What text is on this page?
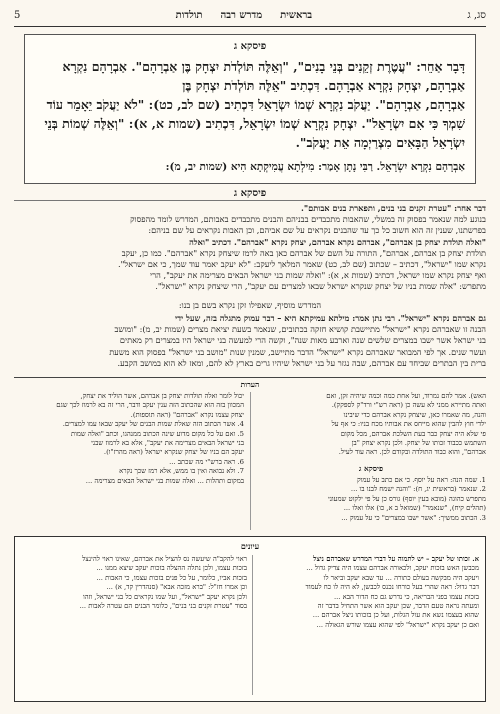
סג, ג
בראשית
מדרש רבה
תולדות
5
פיסקא ג
דָּבָר אַחֵר: "עֲטֶרֶת זְקֵנִים בְּנֵי בָנִים", "וְאֵלֶּה תּוֹלְדֹת יִצְחָק בֶּן אַבְרָהָם". אַבְרָהָם נִקְרָא
אַבְרָהָם, יִצְחָק נִקְרָא אַבְרָהָם. דִּכְתִיב "אֵלֶּה תּוֹלְדֹת יִצְחָק בֶּן
אַבְרָהָם, אַבְרָהָם". יַעֲקֹב נִקְרָא שְׁמוֹ יִשְׂרָאֵל דִּכְתִיב (שם לב, כט): "לֹא יַעֲקֹב יֵאָמֵר עוֹד
שִׁמְךָ כִּי אִם יִשְׂרָאֵל". יִצְחָק נִקְרָא שְׁמוֹ יִשְׂרָאֵל, דִּכְתִיב (שמות א, א): "וְאֵלֶּה שְׁמוֹת בְּנֵי
יִשְׂרָאֵל הַבָּאִים מִצְרַיְמָה אֵת יַעֲקֹב".
אַבְרָהָם נִקְרָא יִשְׂרָאֵל. רַבִּי נָתָן אָמַר: מִילְתָא עֲמִיקְתָא הִיא (שמות יב, מ):
פיסקא ג
דבר אחר: "עטרת זקנים בני בנים, ותפארת בנים אבותם".
בנוגע למה שנאמר בפסוק זה במשלי, שהאבות מתכבדים בבניהם והבנים מתכבדים באבותם, המדרש לומד מהפסוק
בפרשתנו, שענין זה הוא חשוב כל כך עד שהבנים נקראים על שם אביהם, וכן האבות נקראים על שם בניהם:
"ואלה תולדת יצחק בן אברהם", אברהם נקרא אברהם, יצחק נקרא "אברהם". דכתיב "ואלה
תולדת יצחק בן אברהם, אברהם", התורה על השם של אברהם כאן באה לרמז שיצחק נקרא "אברהם". כמו כן, יעקב
נקרא שמו "ישראל", דכתיב – שכתוב (שם לב, כט) שאמר המלאך ליעקב: "לא יעקב יאמר עוד שמך, כי אם ישראל".
ואף יצחק נקרא שמו ישראל, דכתיב (שמות א, א): "ואלה שמות בני ישראל הבאים מצרימה את יעקב", הרי
מתפרש: "אלה שמות בניו של יצחק שנקרא ישראל שבאו למצרים עם יעקב", הרי שיצחק נקרא "ישראל".
המדרש מוסיף, שאפילו זקן נקרא בשם בן בנו:
גם אברהם נקרא "ישראל". רבי נתן אמר: מילתא עמיקתא היא – דבר עמוק מתגלה בזה, שעל ידי
הבנה זו שאברהם נקרא "ישראל" מתיישבת קושיא חזקה בכתובים, שנאמר בשעת יציאת מצרים (שמות יב, מ): "ומושב
בני ישראל אשר ישבו במצרים שלשים שנה וארבע מאות שנה", וקשה הרי למעשה בני ישראל היו במצרים רק מאתים
ועשר שנים. אך לפי המבואר שאברהם נקרא "ישראל" הדבר מתיישב, שמנין שנות "מושב בני ישראל" בפסוק הוא משעת
ברית בין הבתרים שביחד עם אברהם, שבה נגזר על בני ישראל שיהיו גרים בארץ לא להם, ומאז לא הוא במושב הקבע.
הערות
האש). אמר להם נמרוד, ועל אחת כמה וכמה שיהיה זקן, ואם
ואתה מתיירא ממני לא עשה כן (ראה רש"י ורד"ק לספקק).
והנה, מה שאמרו כאן, שיצחק נקרא אברהם כדי שיבינו
ילדי חוץ להבין שהוא מייחס את אבותיו מכח בניו: כי אף על
פי שלא היה יצחק כבר בעת השלכת אברהם, מכל מקום
השתמש ככבוד זכותו של יצחק. ולכן נקרא יצחק "בן
אברהם", והוא כבוד התולדה ובקודם לכן. ראה עוד לעיל.
פיסקא ג
1. שמה הנה: ראה על יוסף. כי אם כתב על עמוק
2. שנאמר (בראשית יג, ח): "והנה ישמח לבנו בו ...
מתפרש כהוגה (מובא בעין יוסף) גורס כן על פי ילקוט שמעוני
(תהלים קיח), "שנאמר" (שמואל ב א, כו) אלו ואלו ...
3. הכתוב ממשיך: "אשר ישבו במצרים" כי על עמוק ...
יכול לומר ואלה תולדות יצחק בן אברהם, אשר הוליד את יצחק,
המכוון בזה הוא שהכתוב הזה ענין יעקב ודבר, הרי זה בא לרמוז לכך שגם
יצחק עצמו נקרא "אברהם" (ראה תוספות).
4. אשר הכתוב הזה שאלת שמות הבנים של יעקב שבאו עמו למצרים.
5. ואם על כל מקום מדוע שינה הכתוב ממנהגו, וכתב "ואלה שמות
בני ישראל הבאים מצרימה את יעקב", אלא בא לרמוז שבני
יעקב הם בניו של יצחק שנקרא ישראל (ראה מהרז"ו).
6. ראה ברש"י מה שכתב ...
7. ולא נבואה ואין בו ממש, אלא רמז שכך נקרא
במקום ותהלות ... ואלה שמות בני ישראל הבאים מצרימה ...
עיונים
א. זכותו של יעקב – יש לתמוה על דברי המדרש שאברהם ניצל
מכבשן האש בזכות יעקב, ולכאורה אברהם עצמו היה צדיק גדול ...
ויעקב היה מבקשה בעולם כתורה ... עד שבא יעקב וביאר לו
דבר גדול: ראה שהרי בעל כורחו נכנס לכבשן, לא היה לו כח לעמוד
בזכות עצמו בפני הבריאה, כי נדרש גם כח הדור הבא ...
ומעתה נראה טעם הדבר, שכן יעקב הוא אשר התחיל בדבר זה
שהוא בעצמו נשא את עול הגלות, ועל כן בזכותו ניצל אברהם ...
ואם כן יעקב נקרא "ישראל" לפי שהוא עצמו שורש הגאולה ...
ראוי להקב"ה שיעשה נס להציל את אברהם, שאינו ראוי להינצל
בזכות עצמו, ולכן נתלה ההצלה בזכות יעקב שיצא ממנו ...
בזכות אביו, כלומר, על כל פנים בזכות עצמו, כי האבות ...
וכן אמרו חז"ל: "ברא מזכה אבא" (סנהדרין קד, א) ...
ולכן נקרא יעקב "ישראל", ועל שמו נקראים כל בני ישראל, וזהו
בסוד "עטרת זקנים בני בנים", כלומר הבנים הם עטרה לאבות ...
